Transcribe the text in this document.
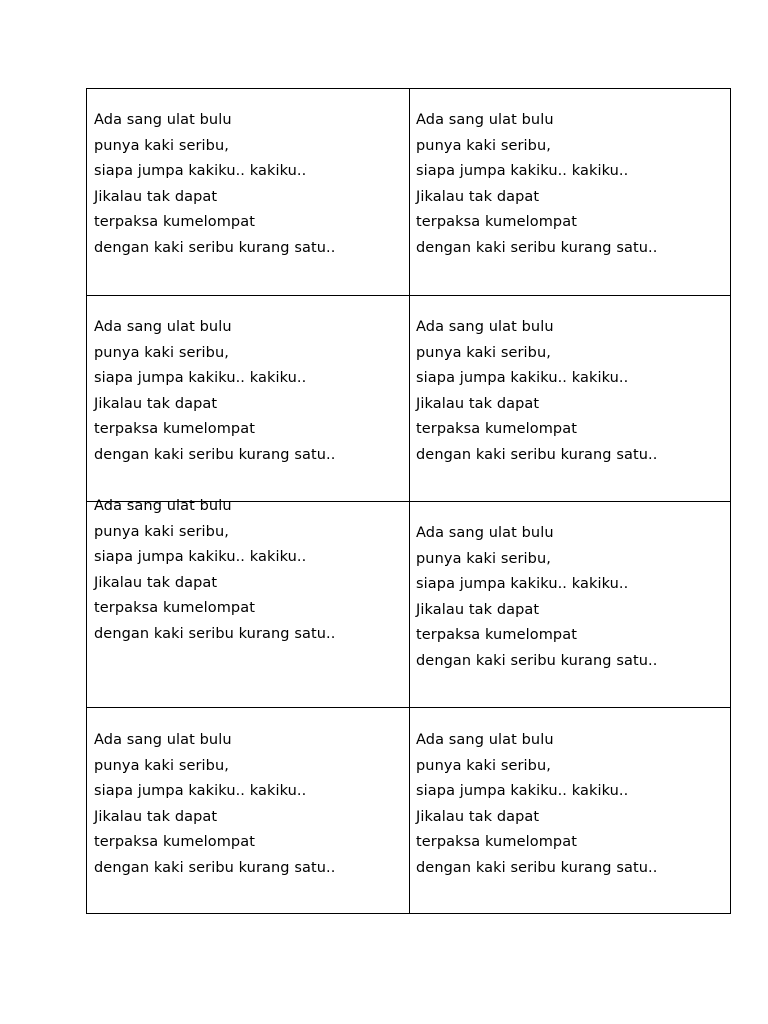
Ada sang ulat bulu
punya kaki seribu,
siapa jumpa kakiku.. kakiku..
Jikalau tak dapat
terpaksa kumelompat
dengan kaki seribu kurang satu..
Ada sang ulat bulu
punya kaki seribu,
siapa jumpa kakiku.. kakiku..
Jikalau tak dapat
terpaksa kumelompat
dengan kaki seribu kurang satu..
Ada sang ulat bulu
punya kaki seribu,
siapa jumpa kakiku.. kakiku..
Jikalau tak dapat
terpaksa kumelompat
dengan kaki seribu kurang satu..
Ada sang ulat bulu
punya kaki seribu,
siapa jumpa kakiku.. kakiku..
Jikalau tak dapat
terpaksa kumelompat
dengan kaki seribu kurang satu..
Ada sang ulat bulu
punya kaki seribu,
siapa jumpa kakiku.. kakiku..
Jikalau tak dapat
terpaksa kumelompat
dengan kaki seribu kurang satu..
Ada sang ulat bulu
punya kaki seribu,
siapa jumpa kakiku.. kakiku..
Jikalau tak dapat
terpaksa kumelompat
dengan kaki seribu kurang satu..
Ada sang ulat bulu
punya kaki seribu,
siapa jumpa kakiku.. kakiku..
Jikalau tak dapat
terpaksa kumelompat
dengan kaki seribu kurang satu..
Ada sang ulat bulu
punya kaki seribu,
siapa jumpa kakiku.. kakiku..
Jikalau tak dapat
terpaksa kumelompat
dengan kaki seribu kurang satu..
